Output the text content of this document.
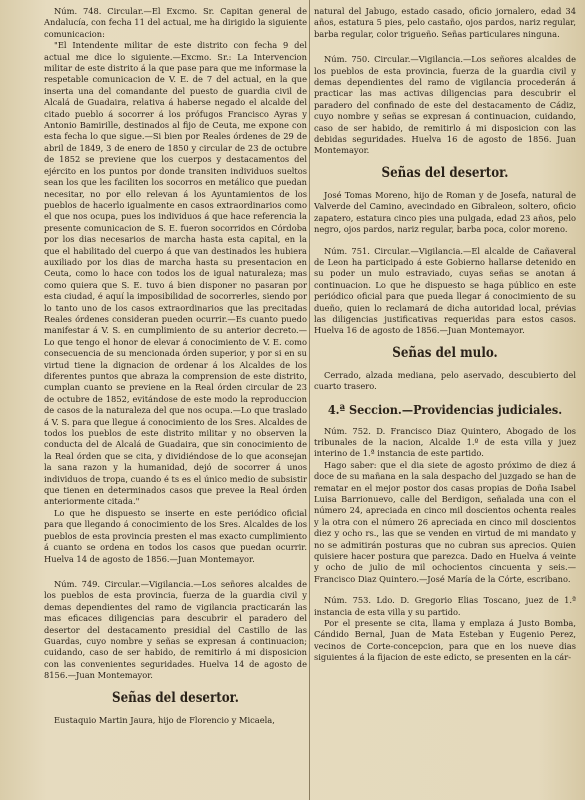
Núm. 748. Circular.—El Excmo. Sr. Capitan general de Andalucía, con fecha 11 del actual, me ha dirigido la siguiente comunicacion:

"El Intendente militar de este distrito con fecha 9 del actual me dice lo siguiente.—Excmo. Sr.: La Intervencion militar de este distrito á la que pase para que me informase la respetable comunicacion de V. E. de 7 del actual, en la que inserta una del comandante del puesto de guardia civil de Alcalá de Guadaira, relativa á haberse negado el alcalde del citado pueblo á socorrer á los prófugos Francisco Ayras y Antonio Bamirille, destinados al fijo de Ceuta, me expone con esta fecha lo que sigue.—Si bien por Reales órdenes de 29 de abril de 1849, 3 de enero de 1850 y circular de 23 de octubre de 1852 se previene que los cuerpos y destacamentos del ejército en los puntos por donde transiten individuos sueltos sean los que les faciliten los socorros en metálico que puedan necesitar, no por ello relevan á los Ayuntamientos de los pueblos de hacerlo igualmente en casos extraordinarios como el que nos ocupa, pues los individuos á que hace referencia la presente comunicacion de S. E. fueron socorridos en Córdoba por los dias necesarios de marcha hasta esta capital, en la que el habilitado del cuerpo á que van destinados les hubiera auxiliado por los dias de marcha hasta su presentacion en Ceuta, como lo hace con todos los de igual naturaleza; mas como quiera que S. E. tuvo á bien disponer no pasaran por esta ciudad, é aquí la imposibilidad de socorrerles, siendo por lo tanto uno de los casos extraordinarios que las precitadas Reales órdenes consideran pueden ocurrir.—Es cuanto puedo manifestar á V. S. en cumplimiento de su anterior decreto.—Lo que tengo el honor de elevar á conocimiento de V. E. como consecuencia de su mencionada órden superior, y por si en su virtud tiene la dignacion de ordenar á los Alcaldes de los diferentes puntos que abraza la comprension de este distrito, cumplan cuanto se previene en la Real órden circular de 23 de octubre de 1852, evitándose de este modo la reproduccion de casos de la naturaleza del que nos ocupa.—Lo que traslado á V. S. para que llegue á conocimiento de los Sres. Alcaldes de todos los pueblos de este distrito militar y no observen la conducta del de Alcalá de Guadaira, que sin conocimiento de la Real órden que se cita, y dividiéndose de lo que aconsejan la sana razon y la humanidad, dejó de socorrer á unos individuos de tropa, cuando é ts es el único medio de subsistir que tienen en determinados casos que prevee la Real órden anteriormente citada."

Lo que he dispuesto se inserte en este periódico oficial para que llegando á conocimiento de los Sres. Alcaldes de los pueblos de esta provincia presten el mas exacto cumplimiento á cuanto se ordena en todos los casos que puedan ocurrir. Huelva 14 de agosto de 1856.—Juan Montemayor.

Núm. 749. Circular.—Vigilancia.—Los señores alcaldes de los pueblos de esta provincia, fuerza de la guardia civil y demas dependientes del ramo de vigilancia practicarán las mas eficaces diligencias para descubrir el paradero del desertor del destacamento presidial del Castillo de las Guardas, cuyo nombre y señas se expresan á continuacion; cuidando, caso de ser habido, de remitirlo á mi disposicion con las convenientes seguridades. Huelva 14 de agosto de 8156.—Juan Montemayor.

Señas del desertor.

Eustaquio Martin Jaura, hijo de Florencio y Micaela,

natural del Jabugo, estado casado, oficio jornalero, edad 34 años, estatura 5 pies, pelo castaño, ojos pardos, nariz regular, barba regular, color trigueño. Señas particulares ninguna.

Núm. 750. Circular.—Vigilancia.—Los señores alcaldes de los pueblos de esta provincia, fuerza de la guardia civil y demas dependientes del ramo de vigilancia procederán á practicar las mas activas diligencias para descubrir el paradero del confinado de este del destacamento de Cádiz, cuyo nombre y señas se expresan á continuacion, cuidando, caso de ser habido, de remitirlo á mi disposicion con las debidas seguridades. Huelva 16 de agosto de 1856. Juan Montemayor.

Señas del desertor.

José Tomas Moreno, hijo de Roman y de Josefa, natural de Valverde del Camino, avecindado en Gibraleon, soltero, oficio zapatero, estatura cinco pies una pulgada, edad 23 años, pelo negro, ojos pardos, nariz regular, barba poca, color moreno.

Núm. 751. Circular.—Vigilancia.—El alcalde de Cañaveral de Leon ha participado á este Gobierno hallarse detenido en su poder un mulo estraviado, cuyas señas se anotan á continuacion. Lo que he dispuesto se haga público en este periódico oficial para que pueda llegar á conocimiento de su dueño, quien lo reclamará de dicha autoridad local, prévias las diligencias justificativas requeridas para estos casos. Huelva 16 de agosto de 1856.—Juan Montemayor.

Señas del mulo.

Cerrado, alzada mediana, pelo aservado, descubierto del cuarto trasero.

4.ª Seccion.—Providencias judiciales.

Núm. 752. D. Francisco Diaz Quintero, Abogado de los tribunales de la nacion, Alcalde 1.º de esta villa y juez interino de 1.ª instancia de este partido.

Hago saber: que el dia siete de agosto próximo de diez á doce de su mañana en la sala despacho del juzgado se han de rematar en el mejor postor dos casas propias de Doña Isabel Luisa Barrionuevo, calle del Berdigon, señalada una con el número 24, apreciada en cinco mil doscientos ochenta reales y la otra con el número 26 apreciada en cinco mil doscientos diez y ocho rs., las que se venden en virtud de mi mandato y no se admitirán posturas que no cubran sus aprecios. Quien quisiere hacer postura que parezca. Dado en Huelva á veinte y ocho de julio de mil ochocientos cincuenta y seis.—Francisco Diaz Quintero.—José María de la Córte, escribano.

Núm. 753. Ldo. D. Gregorio Elias Toscano, juez de 1.ª instancia de esta villa y su partido.

Por el presente se cita, llama y emplaza á Justo Bomba, Cándido Bernal, Juan de Mata Esteban y Eugenio Perez, vecinos de Corte-concepcion, para que en los nueve dias siguientes á la fijacion de este edicto, se presenten en la cár-
